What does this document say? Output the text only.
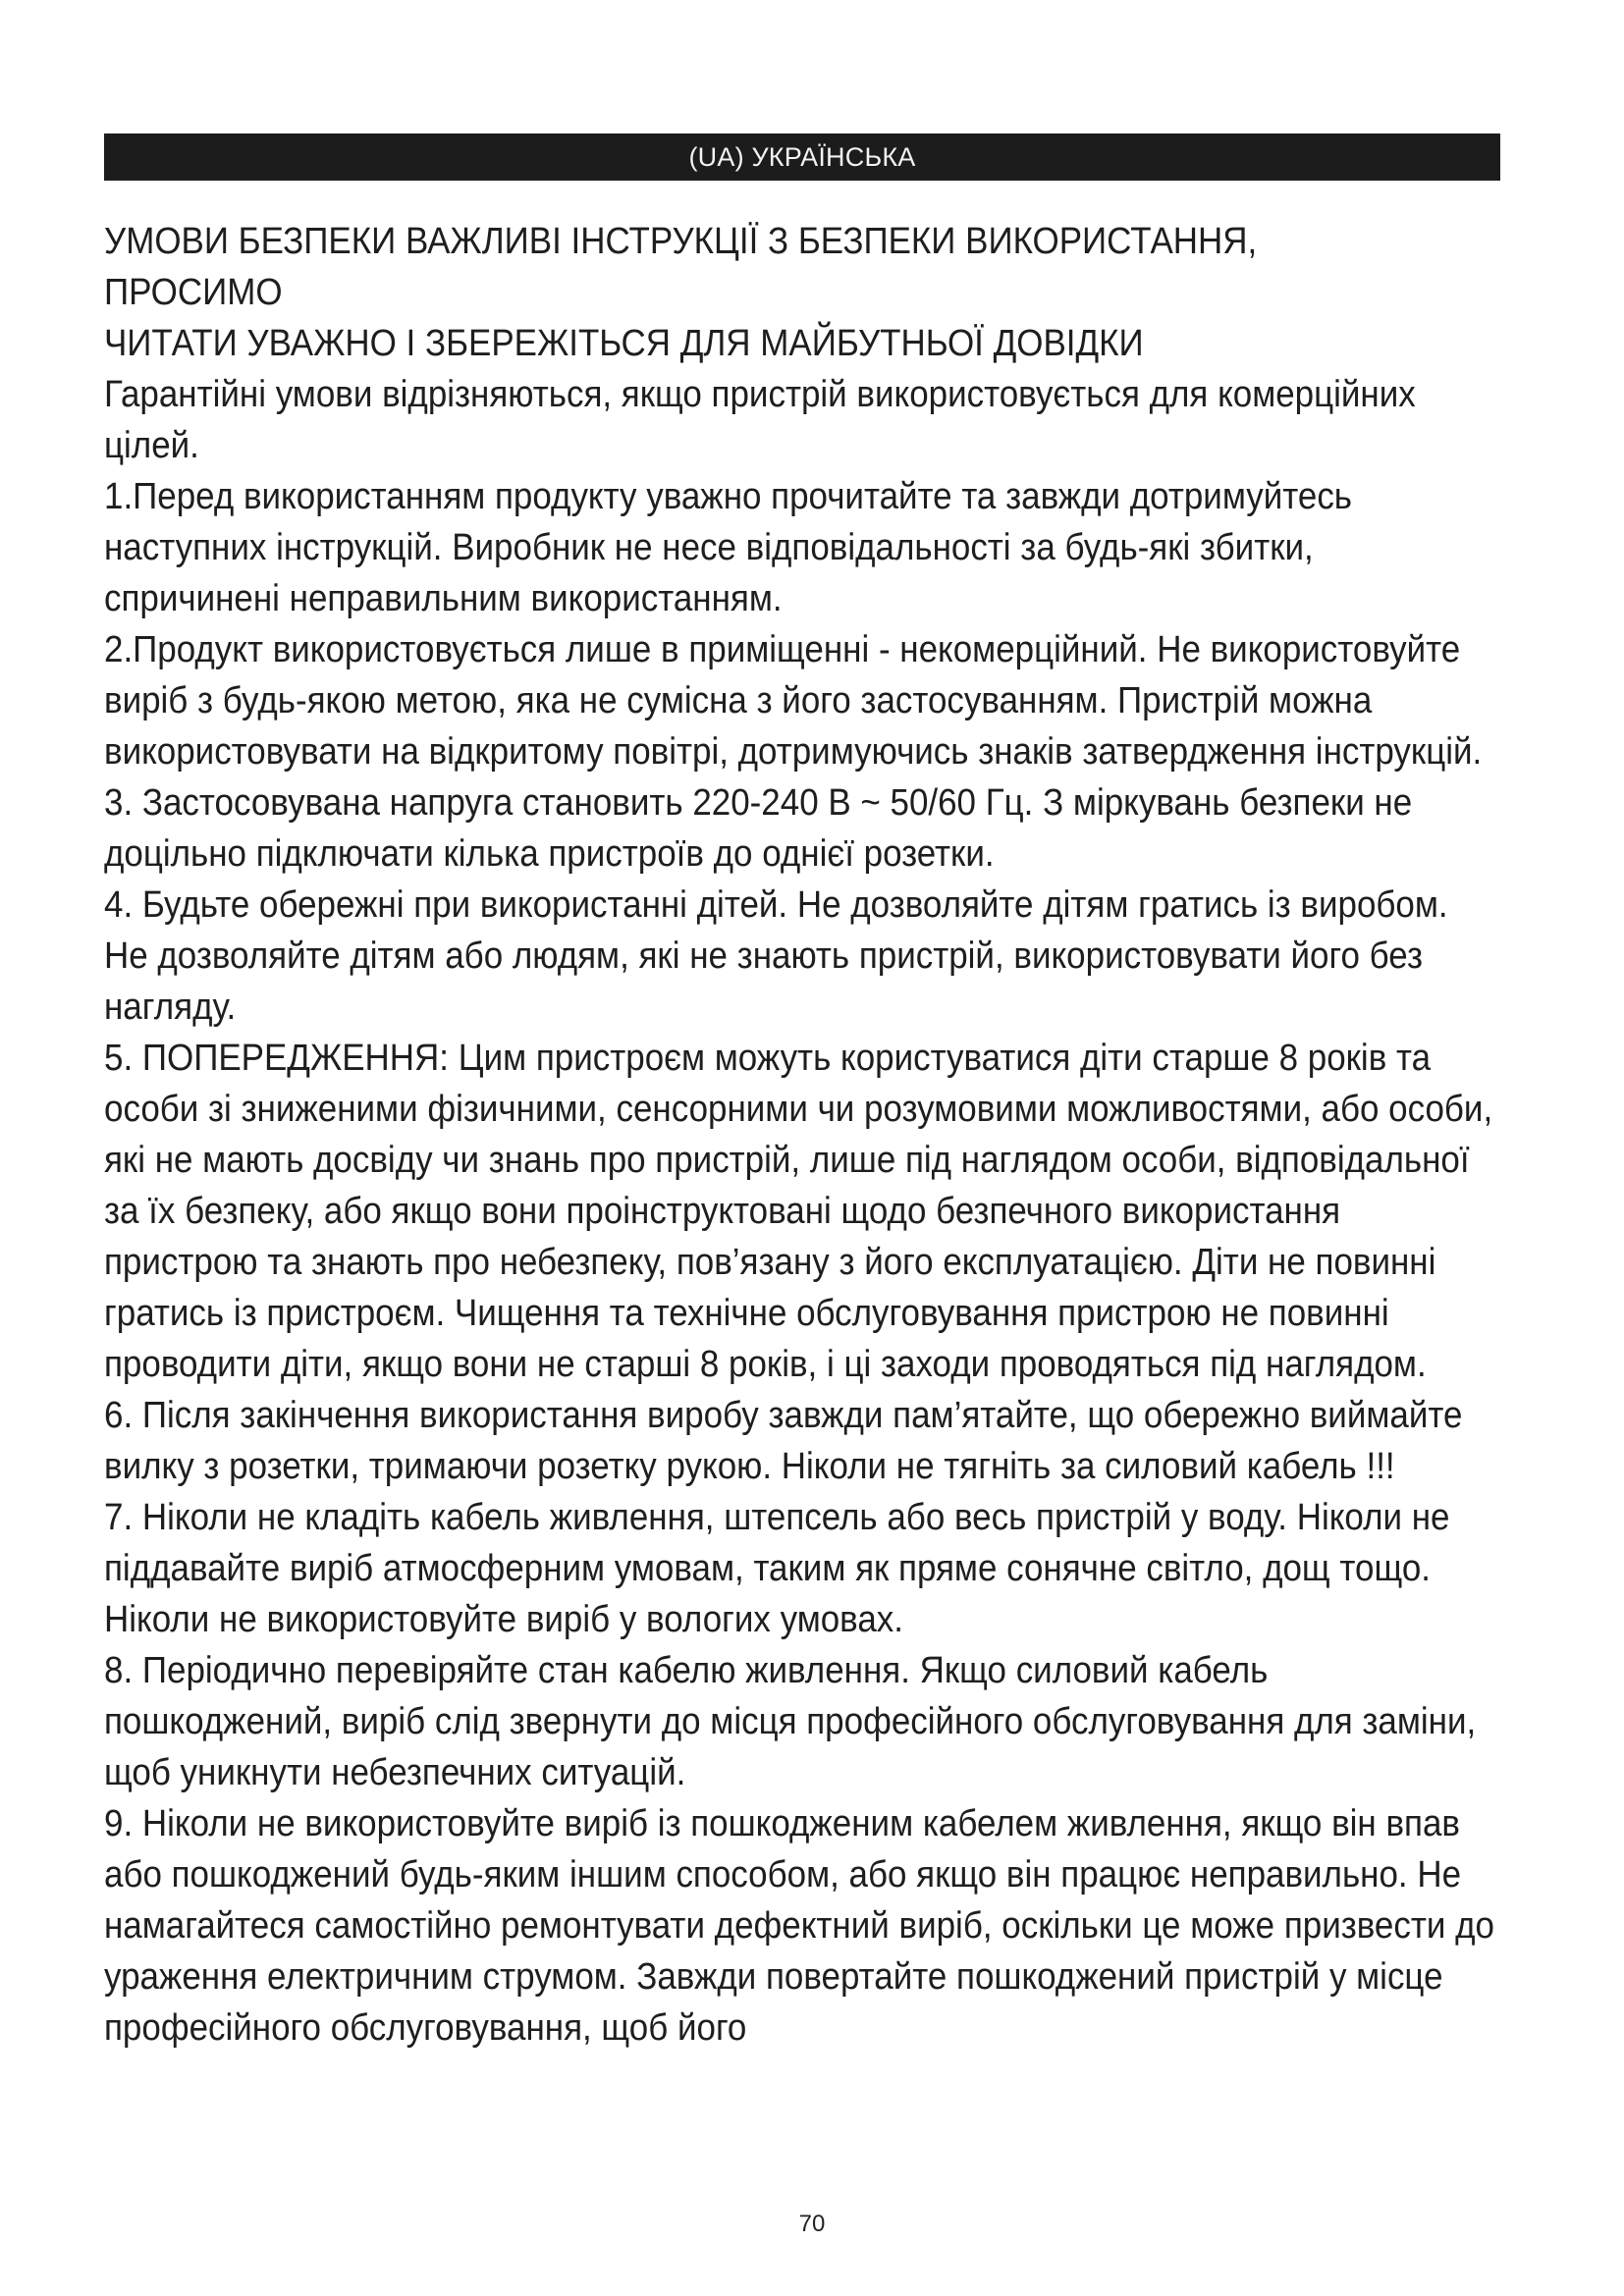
(UA) УКРАЇНСЬКА

УМОВИ БЕЗПЕКИ ВАЖЛИВІ ІНСТРУКЦІЇ З БЕЗПЕКИ ВИКОРИСТАННЯ,

ПРОСИМО

ЧИТАТИ УВАЖНО І ЗБЕРЕЖІТЬСЯ ДЛЯ МАЙБУТНЬОЇ ДОВІДКИ

Гарантійні умови відрізняються, якщо пристрій використовується для комерційних цілей.

1.Перед використанням продукту уважно прочитайте та завжди дотримуйтесь наступних інструкцій. Виробник не несе відповідальності за будь-які збитки, спричинені неправильним використанням.

2.Продукт використовується лише в приміщенні - некомерційний. Не використовуйте виріб з будь-якою метою, яка не сумісна з його застосуванням. Пристрій можна використовувати на відкритому повітрі, дотримуючись знаків затвердження інструкцій.

3. Застосовувана напруга становить 220-240 В ~ 50/60 Гц. З міркувань безпеки не доцільно підключати кілька пристроїв до однієї розетки.

4. Будьте обережні при використанні дітей. Не дозволяйте дітям гратись із виробом. Не дозволяйте дітям або людям, які не знають пристрій, використовувати його без нагляду.

5. ПОПЕРЕДЖЕННЯ: Цим пристроєм можуть користуватися діти старше 8 років та особи зі зниженими фізичними, сенсорними чи розумовими можливостями, або особи, які не мають досвіду чи знань про пристрій, лише під наглядом особи, відповідальної за їх безпеку, або якщо вони проінструктовані щодо безпечного використання пристрою та знають про небезпеку, пов’язану з його експлуатацією. Діти не повинні гратись із пристроєм. Чищення та технічне обслуговування пристрою не повинні проводити діти, якщо вони не старші 8 років, і ці заходи проводяться під наглядом.

6. Після закінчення використання виробу завжди пам’ятайте, що обережно виймайте вилку з розетки, тримаючи розетку рукою. Ніколи не тягніть за силовий кабель !!!

7. Ніколи не кладіть кабель живлення, штепсель або весь пристрій у воду. Ніколи не піддавайте виріб атмосферним умовам, таким як пряме сонячне світло, дощ тощо. Ніколи не використовуйте виріб у вологих умовах.

8. Періодично перевіряйте стан кабелю живлення. Якщо силовий кабель пошкоджений, виріб слід звернути до місця професійного обслуговування для заміни, щоб уникнути небезпечних ситуацій.

9. Ніколи не використовуйте виріб із пошкодженим кабелем живлення, якщо він впав або пошкоджений будь-яким іншим способом, або якщо він працює неправильно. Не намагайтеся самостійно ремонтувати дефектний виріб, оскільки це може призвести до ураження електричним струмом. Завжди повертайте пошкоджений пристрій у місце професійного обслуговування, щоб його

70
